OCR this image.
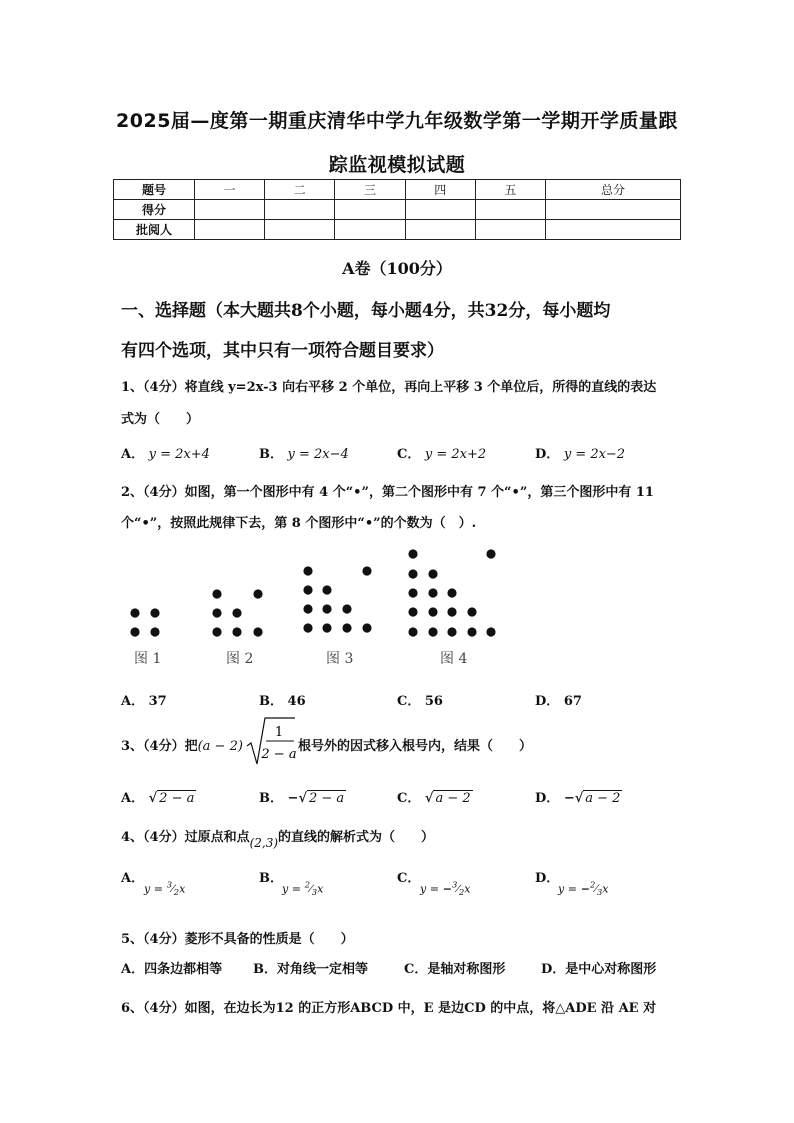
2025届—度第一期重庆清华中学九年级数学第一学期开学质量跟
踪监视模拟试题
题号	一	二	三	四	五	总分
得分						
批阅人						
A卷（100分）
一、选择题（本大题共8个小题，每小题4分，共32分，每小题均
有四个选项，其中只有一项符合题目要求）
1、（4分）将直线 y=2x-3 向右平移 2 个单位，再向上平移 3 个单位后，所得的直线的表达
式为（　　）
A． y = 2x+4	B． y = 2x−4	C． y = 2x+2	D． y = 2x−2
2、（4分）如图，第一个图形中有 4 个“•”，第二个图形中有 7 个“•”，第三个图形中有 11
个“•”，按照此规律下去，第 8 个图形中“•”的个数为（　）.
图 1	图 2	图 3	图 4
A． 37	B． 46	C． 56	D． 67
3、（4分）把(a − 2)
1
2 − a
根号外的因式移入根号内，结果（　　）
A． √ 2 − a	B． −√ 2 − a	C． √ a − 2	D． −√ a − 2
4、（4分）过原点和点(2,3)的直线的解析式为（　　）
A．
$y = ^3⁄_2x$
B．
$y = ^2⁄_3x$
C．
$y = -^3⁄_2x$
D．
$y = -^2⁄_3x$
5、（4分）菱形不具备的性质是（　　）
A．四条边都相等 B．对角线一定相等	C．是轴对称图形	D．是中心对称图形
6、（4分）如图，在边长为12 的正方形ABCD 中，E 是边CD 的中点，将△ADE 沿 AE 对
